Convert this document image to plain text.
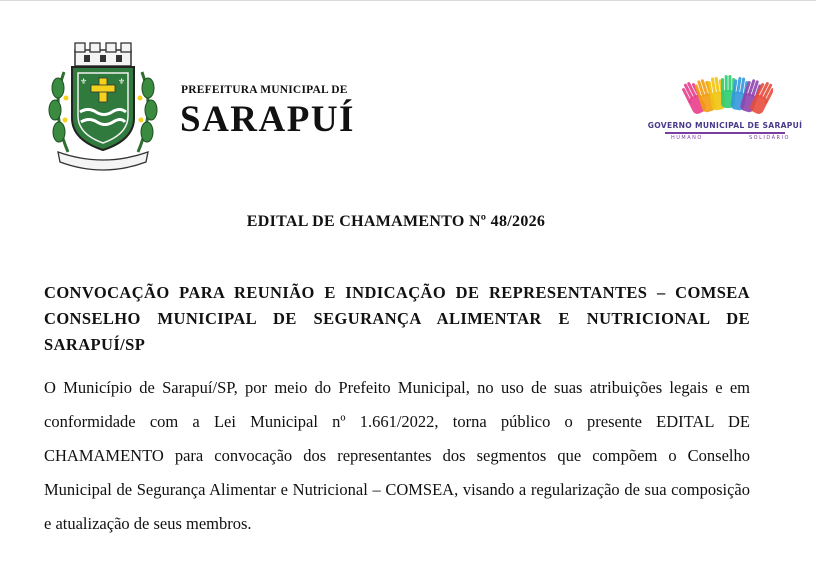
⚜	⚜
PREFEITURA MUNICIPAL DE
SARAPUÍ	GOVERNO MUNICIPAL DE SARAPUÍ
HUMANO	SOLIDÁRIO
EDITAL DE CHAMAMENTO Nº 48/2026
CONVOCAÇÃO PARA REUNIÃO E INDICAÇÃO DE REPRESENTANTES – COMSEA CONSELHO MUNICIPAL DE SEGURANÇA ALIMENTAR E NUTRICIONAL DE SARAPUÍ/SP
O Município de Sarapuí/SP, por meio do Prefeito Municipal, no uso de suas atribuições legais e em conformidade com a Lei Municipal nº 1.661/2022, torna público o presente EDITAL DE CHAMAMENTO para convocação dos representantes dos segmentos que compõem o Conselho Municipal de Segurança Alimentar e Nutricional – COMSEA, visando a regularização de sua composição e atualização de seus membros.
